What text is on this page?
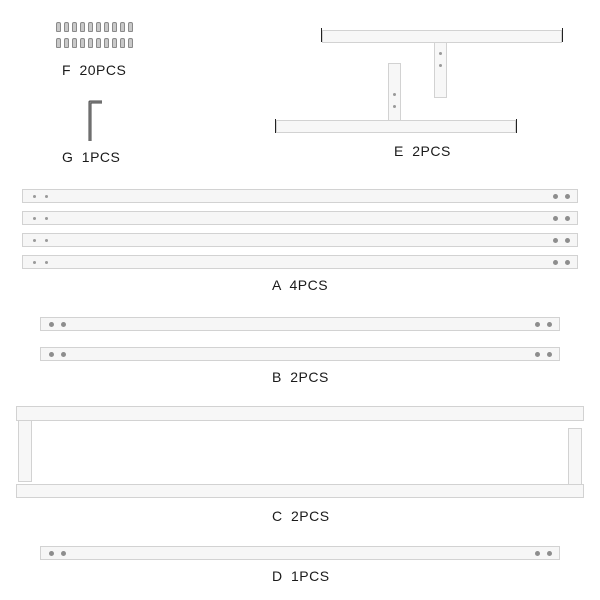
F 20PCS
G 1PCS	E 2PCS
A 4PCS
B 2PCS
C 2PCS
D 1PCS
